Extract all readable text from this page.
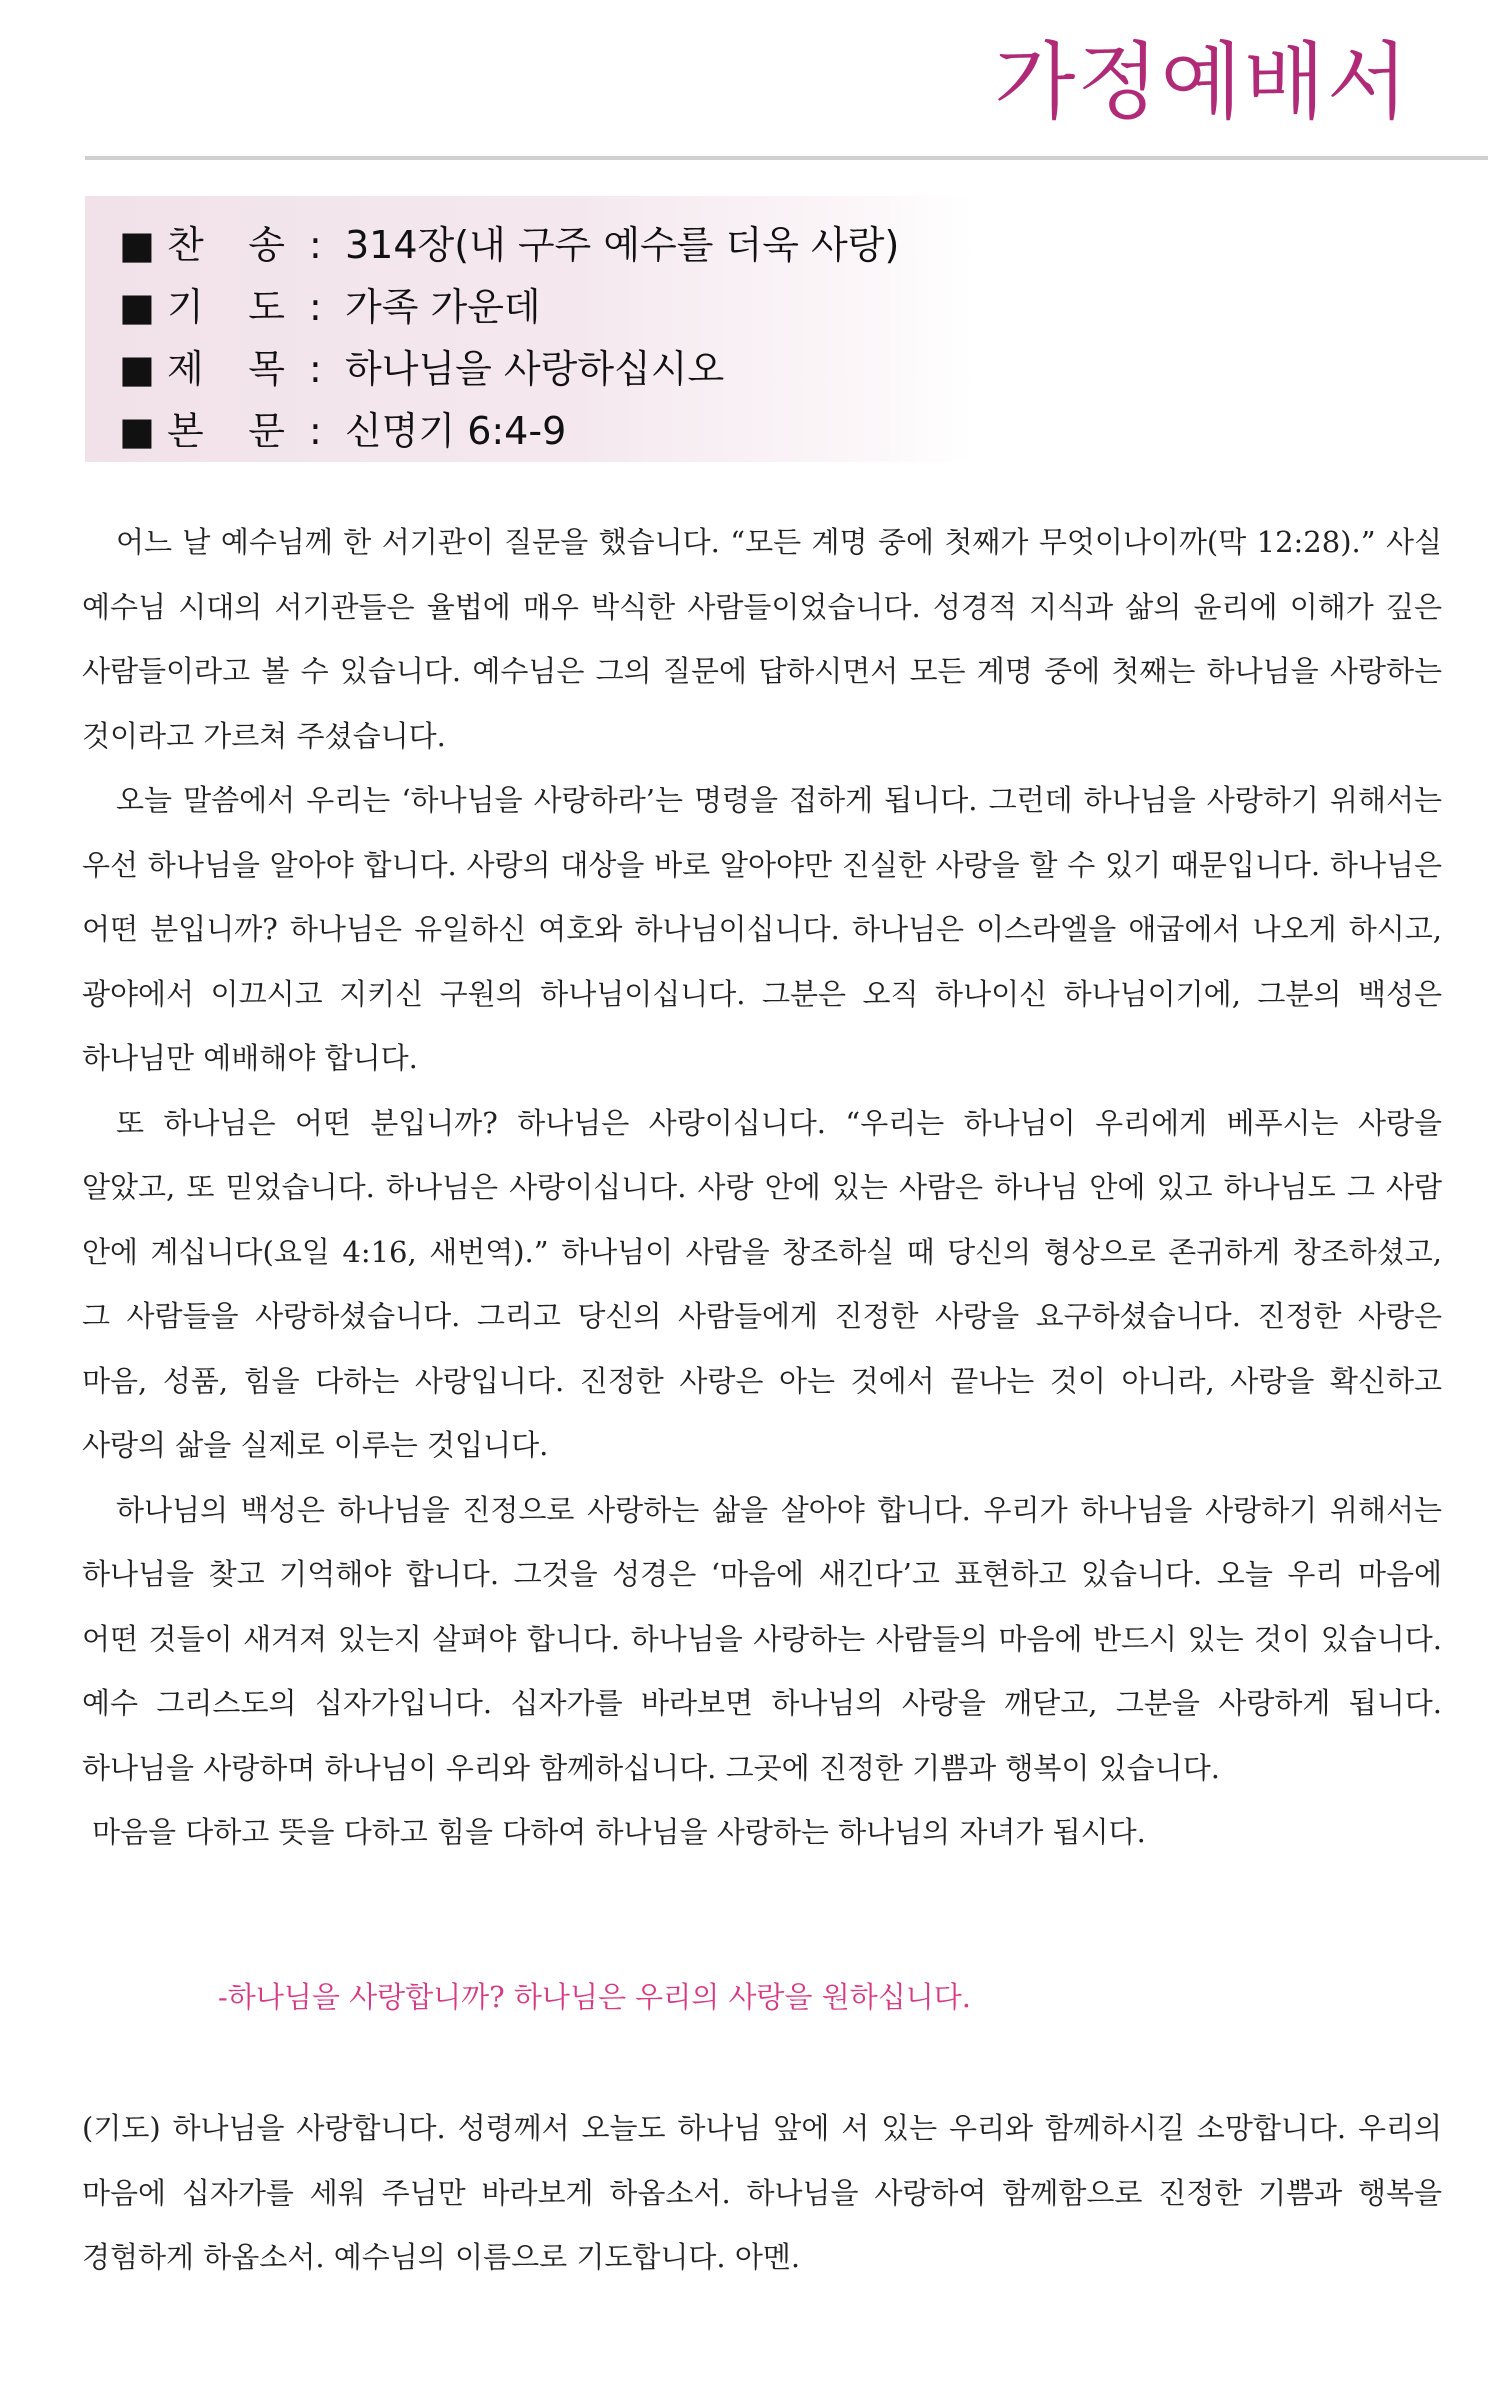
가정예배서
■ 찬 송 : 314장(내 구주 예수를 더욱 사랑)
■ 기 도 : 가족 가운데
■ 제 목 : 하나님을 사랑하십시오
■ 본 문 : 신명기 6:4-9

어느 날 예수님께 한 서기관이 질문을 했습니다. “모든 계명 중에 첫째가 무엇이나이까(막 12:28).” 사실 예수님 시대의 서기관들은 율법에 매우 박식한 사람들이었습니다. 성경적 지식과 삶의 윤리에 이해가 깊은 사람들이라고 볼 수 있습니다. 예수님은 그의 질문에 답하시면서 모든 계명 중에 첫째는 하나님을 사랑하는 것이라고 가르쳐 주셨습니다.

오늘 말씀에서 우리는 ‘하나님을 사랑하라’는 명령을 접하게 됩니다. 그런데 하나님을 사랑하기 위해서는 우선 하나님을 알아야 합니다. 사랑의 대상을 바로 알아야만 진실한 사랑을 할 수 있기 때문입니다. 하나님은 어떤 분입니까? 하나님은 유일하신 여호와 하나님이십니다. 하나님은 이스라엘을 애굽에서 나오게 하시고, 광야에서 이끄시고 지키신 구원의 하나님이십니다. 그분은 오직 하나이신 하나님이기에, 그분의 백성은 하나님만 예배해야 합니다.

또 하나님은 어떤 분입니까? 하나님은 사랑이십니다. “우리는 하나님이 우리에게 베푸시는 사랑을 알았고, 또 믿었습니다. 하나님은 사랑이십니다. 사랑 안에 있는 사람은 하나님 안에 있고 하나님도 그 사람 안에 계십니다(요일 4:16, 새번역).” 하나님이 사람을 창조하실 때 당신의 형상으로 존귀하게 창조하셨고, 그 사람들을 사랑하셨습니다. 그리고 당신의 사람들에게 진정한 사랑을 요구하셨습니다. 진정한 사랑은 마음, 성품, 힘을 다하는 사랑입니다. 진정한 사랑은 아는 것에서 끝나는 것이 아니라, 사랑을 확신하고 사랑의 삶을 실제로 이루는 것입니다.

하나님의 백성은 하나님을 진정으로 사랑하는 삶을 살아야 합니다. 우리가 하나님을 사랑하기 위해서는 하나님을 찾고 기억해야 합니다. 그것을 성경은 ‘마음에 새긴다’고 표현하고 있습니다. 오늘 우리 마음에 어떤 것들이 새겨져 있는지 살펴야 합니다. 하나님을 사랑하는 사람들의 마음에 반드시 있는 것이 있습니다. 예수 그리스도의 십자가입니다. 십자가를 바라보면 하나님의 사랑을 깨닫고, 그분을 사랑하게 됩니다. 하나님을 사랑하며 하나님이 우리와 함께하십니다. 그곳에 진정한 기쁨과 행복이 있습니다.

마음을 다하고 뜻을 다하고 힘을 다하여 하나님을 사랑하는 하나님의 자녀가 됩시다.

-하나님을 사랑합니까? 하나님은 우리의 사랑을 원하십니다.

(기도) 하나님을 사랑합니다. 성령께서 오늘도 하나님 앞에 서 있는 우리와 함께하시길 소망합니다. 우리의 마음에 십자가를 세워 주님만 바라보게 하옵소서. 하나님을 사랑하여 함께함으로 진정한 기쁨과 행복을 경험하게 하옵소서. 예수님의 이름으로 기도합니다. 아멘.
